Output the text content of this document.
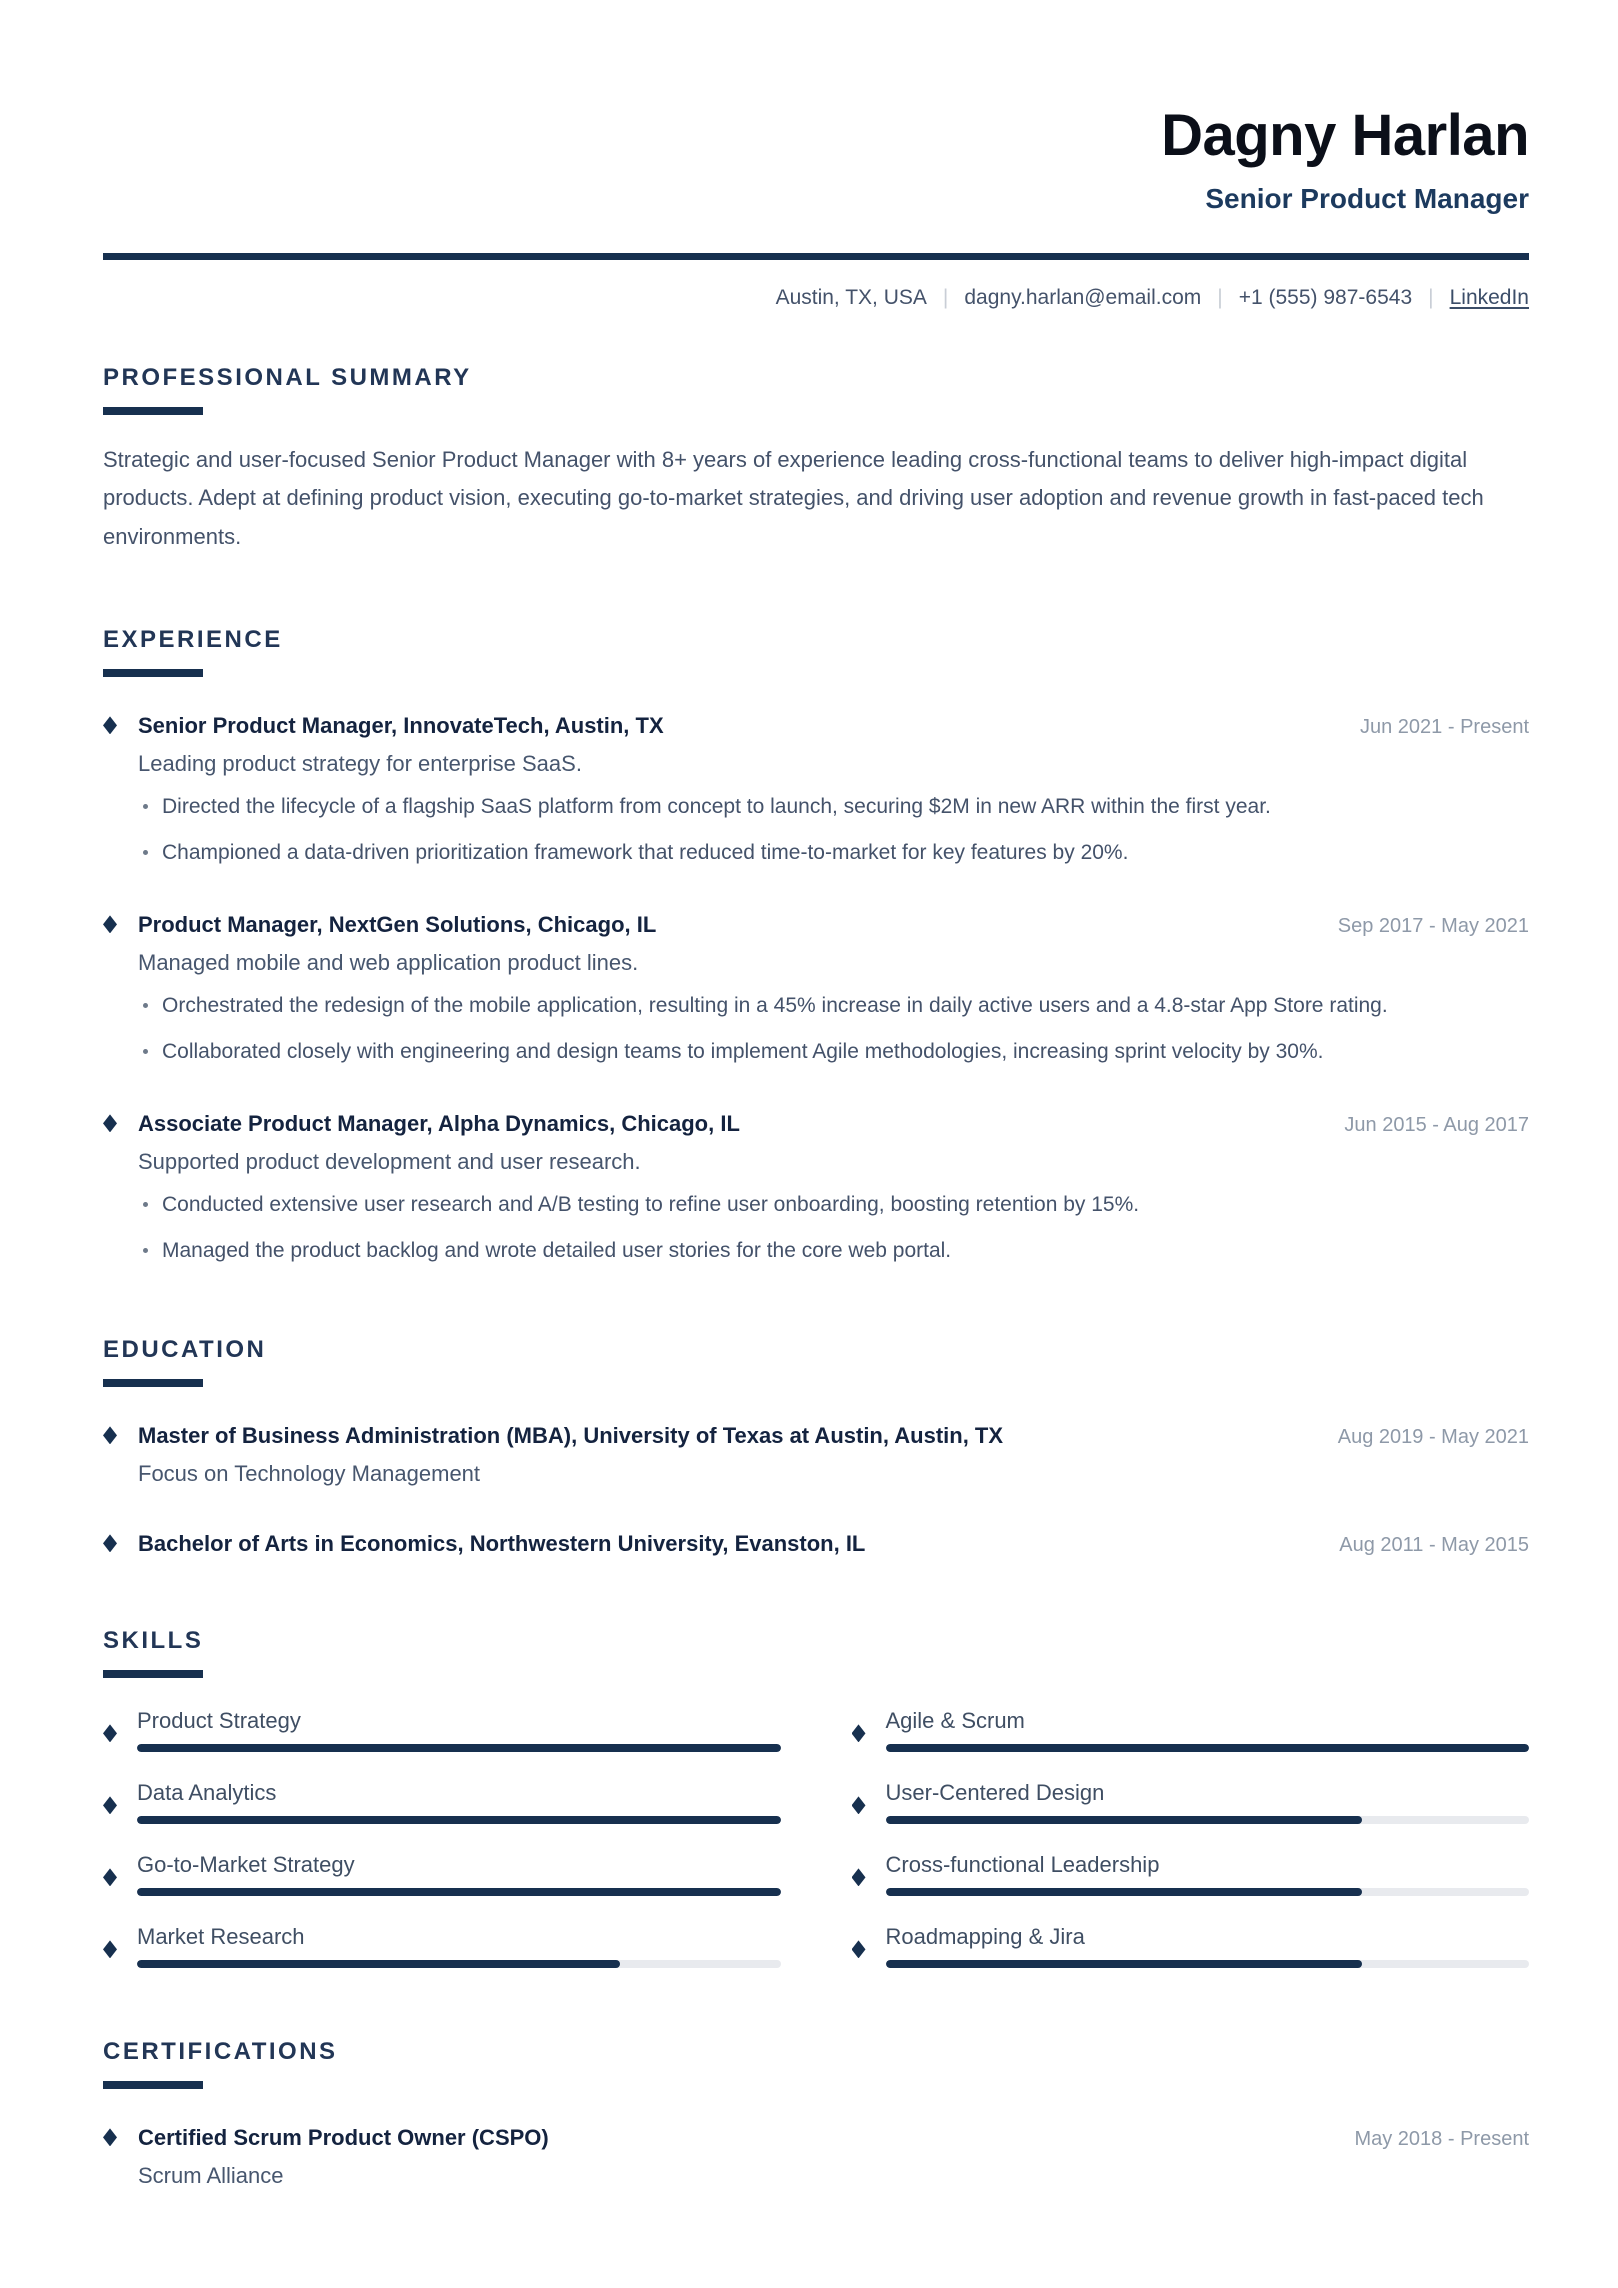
Dagny Harlan
Senior Product Manager
Austin, TX, USA | dagny.harlan@email.com | +1 (555) 987-6543 | LinkedIn
PROFESSIONAL SUMMARY

Strategic and user-focused Senior Product Manager with 8+ years of experience leading cross-functional teams to deliver high-impact digital products. Adept at defining product vision, executing go-to-market strategies, and driving user adoption and revenue growth in fast-paced tech environments.

EXPERIENCE
Senior Product Manager, InnovateTech, Austin, TX	Jun 2021 - Present
Leading product strategy for enterprise SaaS.
Directed the lifecycle of a flagship SaaS platform from concept to launch, securing $2M in new ARR within the first year.
Championed a data-driven prioritization framework that reduced time-to-market for key features by 20%.
Product Manager, NextGen Solutions, Chicago, IL	Sep 2017 - May 2021
Managed mobile and web application product lines.
Orchestrated the redesign of the mobile application, resulting in a 45% increase in daily active users and a 4.8-star App Store rating.
Collaborated closely with engineering and design teams to implement Agile methodologies, increasing sprint velocity by 30%.
Associate Product Manager, Alpha Dynamics, Chicago, IL	Jun 2015 - Aug 2017
Supported product development and user research.
Conducted extensive user research and A/B testing to refine user onboarding, boosting retention by 15%.
Managed the product backlog and wrote detailed user stories for the core web portal.
EDUCATION
Master of Business Administration (MBA), University of Texas at Austin, Austin, TX	Aug 2019 - May 2021
Focus on Technology Management
Bachelor of Arts in Economics, Northwestern University, Evanston, IL	Aug 2011 - May 2015
SKILLS
Product Strategy	Agile & Scrum
Data Analytics	User-Centered Design
Go-to-Market Strategy	Cross-functional Leadership
Market Research	Roadmapping & Jira
CERTIFICATIONS
Certified Scrum Product Owner (CSPO)	May 2018 - Present
Scrum Alliance
